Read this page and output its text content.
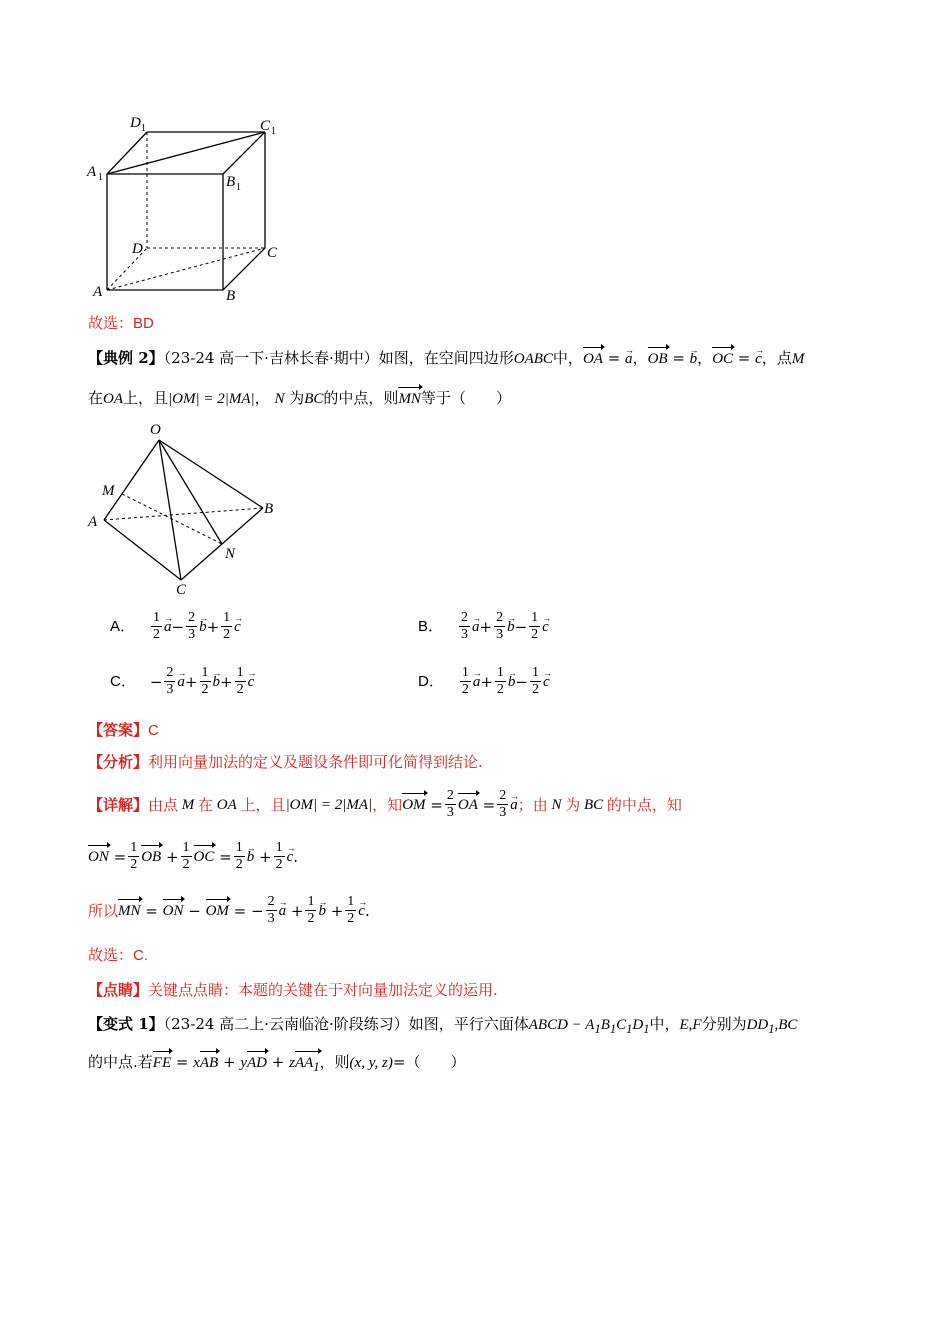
D 1	C 1
A 1	B 1
D	C
A	B
故选：BD
【典例 2】（23-24 高一下·吉林长春·期中）如图，在空间四边形OABC中，OA = → a，OB = → b，OC = → c，点M
在OA上，且|OM| = 2|MA|， N 为BC的中点，则MN等于（　　）
O
M
A
B
N
C
A． $\frac{1}{2}$
→ $a - \frac{2}{3}$
→ $b + \frac{1}{2}$
→ c	B． $\frac{2}{3}$
→ $a + \frac{2}{3}$
→ $b - \frac{1}{2}$
→ c
C． − $\frac{2}{3}$
→ $a + \frac{1}{2}$
→ $b + \frac{1}{2}$
→ c	D． $\frac{1}{2}$
→ $a + \frac{1}{2}$
→ $b - \frac{1}{2}$
→ c
【答案】C
【分析】利用向量加法的定义及题设条件即可化简得到结论.
【详解】 由点 M 在 OA 上，且 |OM| = 2|MA| ，知 OM = $\frac{2}{3}$ OA = $\frac{2}{3}$
→ a ；由 N 为 BC 的中点，知
ON = $\frac{1}{2}$ OB + $\frac{1}{2}$ OC = $\frac{1}{2}$
→ $b + \frac{1}{2}$
→ c .
所以 MN = ON − OM = − $\frac{2}{3}$
→ $a + \frac{1}{2}$
→ $b + \frac{1}{2}$
→ c .
故选：C.
【点睛】关键点点睛：本题的关键在于对向量加法定义的运用.
【变式 1】（23-24 高二上·云南临沧·阶段练习）如图，平行六面体ABCD − $A_1B_1C_1D_1$中，E,F分别为$DD_1,BC$
的中点.若FE = xAB + yAD + zAA$_1$，则(x, y, z)=（　　）
